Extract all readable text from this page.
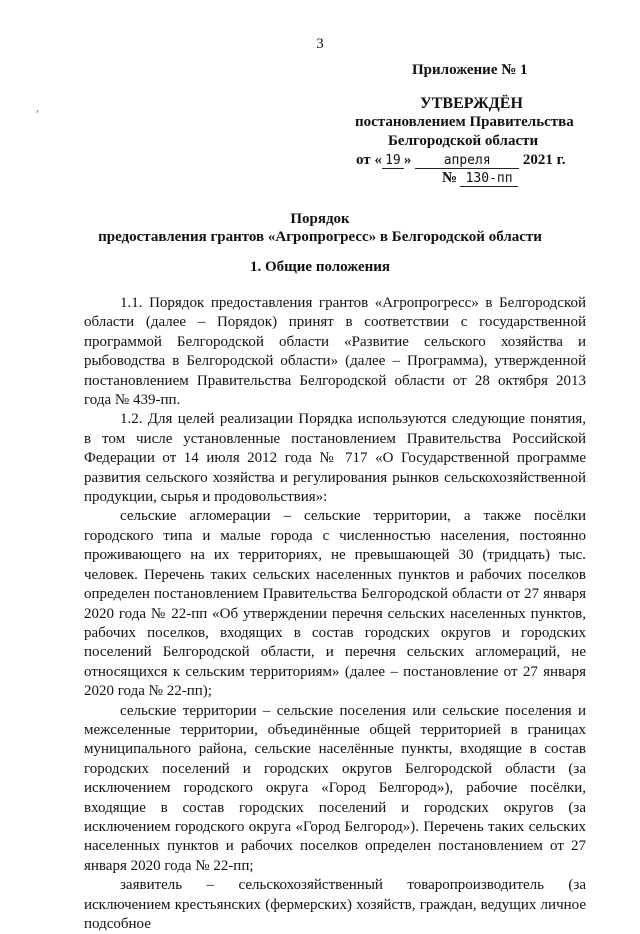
,
3
Приложение № 1
УТВЕРЖДЁН
постановлением Правительства
Белгородской области
от « 19 » апреля 2021 г.
№ 130-пп
Порядок
предоставления грантов «Агропрогресс» в Белгородской области
1. Общие положения

1.1. Порядок предоставления грантов «Агропрогресс» в Белгородской области (далее – Порядок) принят в соответствии с государственной программой Белгородской области «Развитие сельского хозяйства и рыбоводства в Белгородской области» (далее – Программа), утвержденной постановлением Правительства Белгородской области от 28 октября 2013 года № 439-пп.

1.2. Для целей реализации Порядка используются следующие понятия, в том числе установленные постановлением Правительства Российской Федерации от 14 июля 2012 года № 717 «О Государственной программе развития сельского хозяйства и регулирования рынков сельскохозяйственной продукции, сырья и продовольствия»:

сельские агломерации – сельские территории, а также посёлки городского типа и малые города с численностью населения, постоянно проживающего на их территориях, не превышающей 30 (тридцать) тыс. человек. Перечень таких сельских населенных пунктов и рабочих поселков определен постановлением Правительства Белгородской области от 27 января 2020 года № 22-пп «Об утверждении перечня сельских населенных пунктов, рабочих поселков, входящих в состав городских округов и городских поселений Белгородской области, и перечня сельских агломераций, не относящихся к сельским территориям» (далее – постановление от 27 января 2020 года № 22-пп);

сельские территории – сельские поселения или сельские поселения и межселенные территории, объединённые общей территорией в границах муниципального района, сельские населённые пункты, входящие в состав городских поселений и городских округов Белгородской области (за исключением городского округа «Город Белгород»), рабочие посёлки, входящие в состав городских поселений и городских округов (за исключением городского округа «Город Белгород»). Перечень таких сельских населенных пунктов и рабочих поселков определен постановлением от 27 января 2020 года № 22-пп;

заявитель – сельскохозяйственный товаропроизводитель (за исключением крестьянских (фермерских) хозяйств, граждан, ведущих личное подсобное
